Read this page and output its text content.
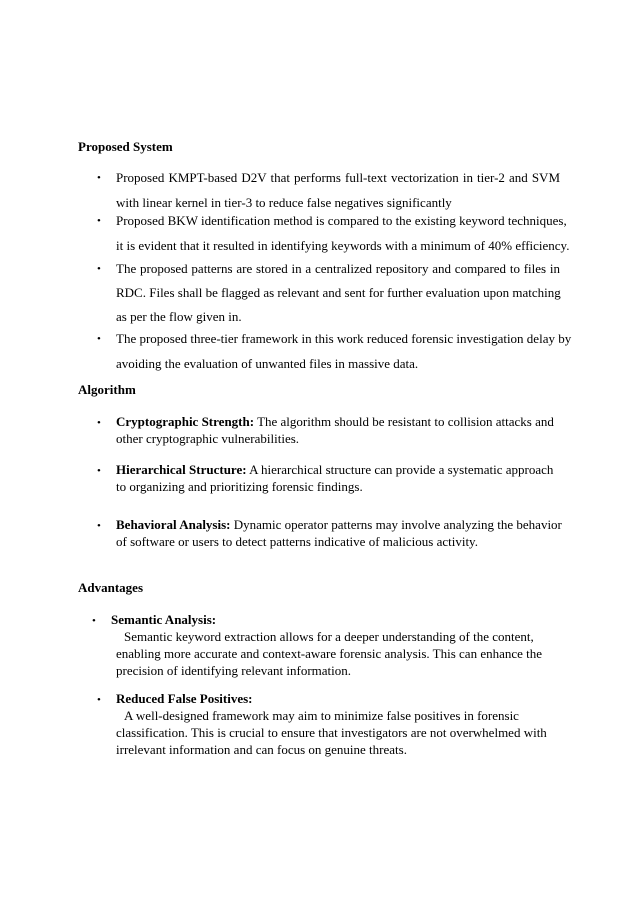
Proposed System
• Proposed KMPT-based D2V that performs full-text vectorization in tier-2 and SVM
with linear kernel in tier-3 to reduce false negatives significantly
• Proposed BKW identification method is compared to the existing keyword techniques,
it is evident that it resulted in identifying keywords with a minimum of 40% efficiency.
• The proposed patterns are stored in a centralized repository and compared to files in
RDC. Files shall be flagged as relevant and sent for further evaluation upon matching
as per the flow given in.
• The proposed three-tier framework in this work reduced forensic investigation delay by
avoiding the evaluation of unwanted files in massive data.
Algorithm
• Cryptographic Strength: The algorithm should be resistant to collision attacks and
other cryptographic vulnerabilities.
• Hierarchical Structure: A hierarchical structure can provide a systematic approach
to organizing and prioritizing forensic findings.
• Behavioral Analysis: Dynamic operator patterns may involve analyzing the behavior
of software or users to detect patterns indicative of malicious activity.
Advantages
• Semantic Analysis:
Semantic keyword extraction allows for a deeper understanding of the content,
enabling more accurate and context-aware forensic analysis. This can enhance the
precision of identifying relevant information.
• Reduced False Positives:
A well-designed framework may aim to minimize false positives in forensic
classification. This is crucial to ensure that investigators are not overwhelmed with
irrelevant information and can focus on genuine threats.
